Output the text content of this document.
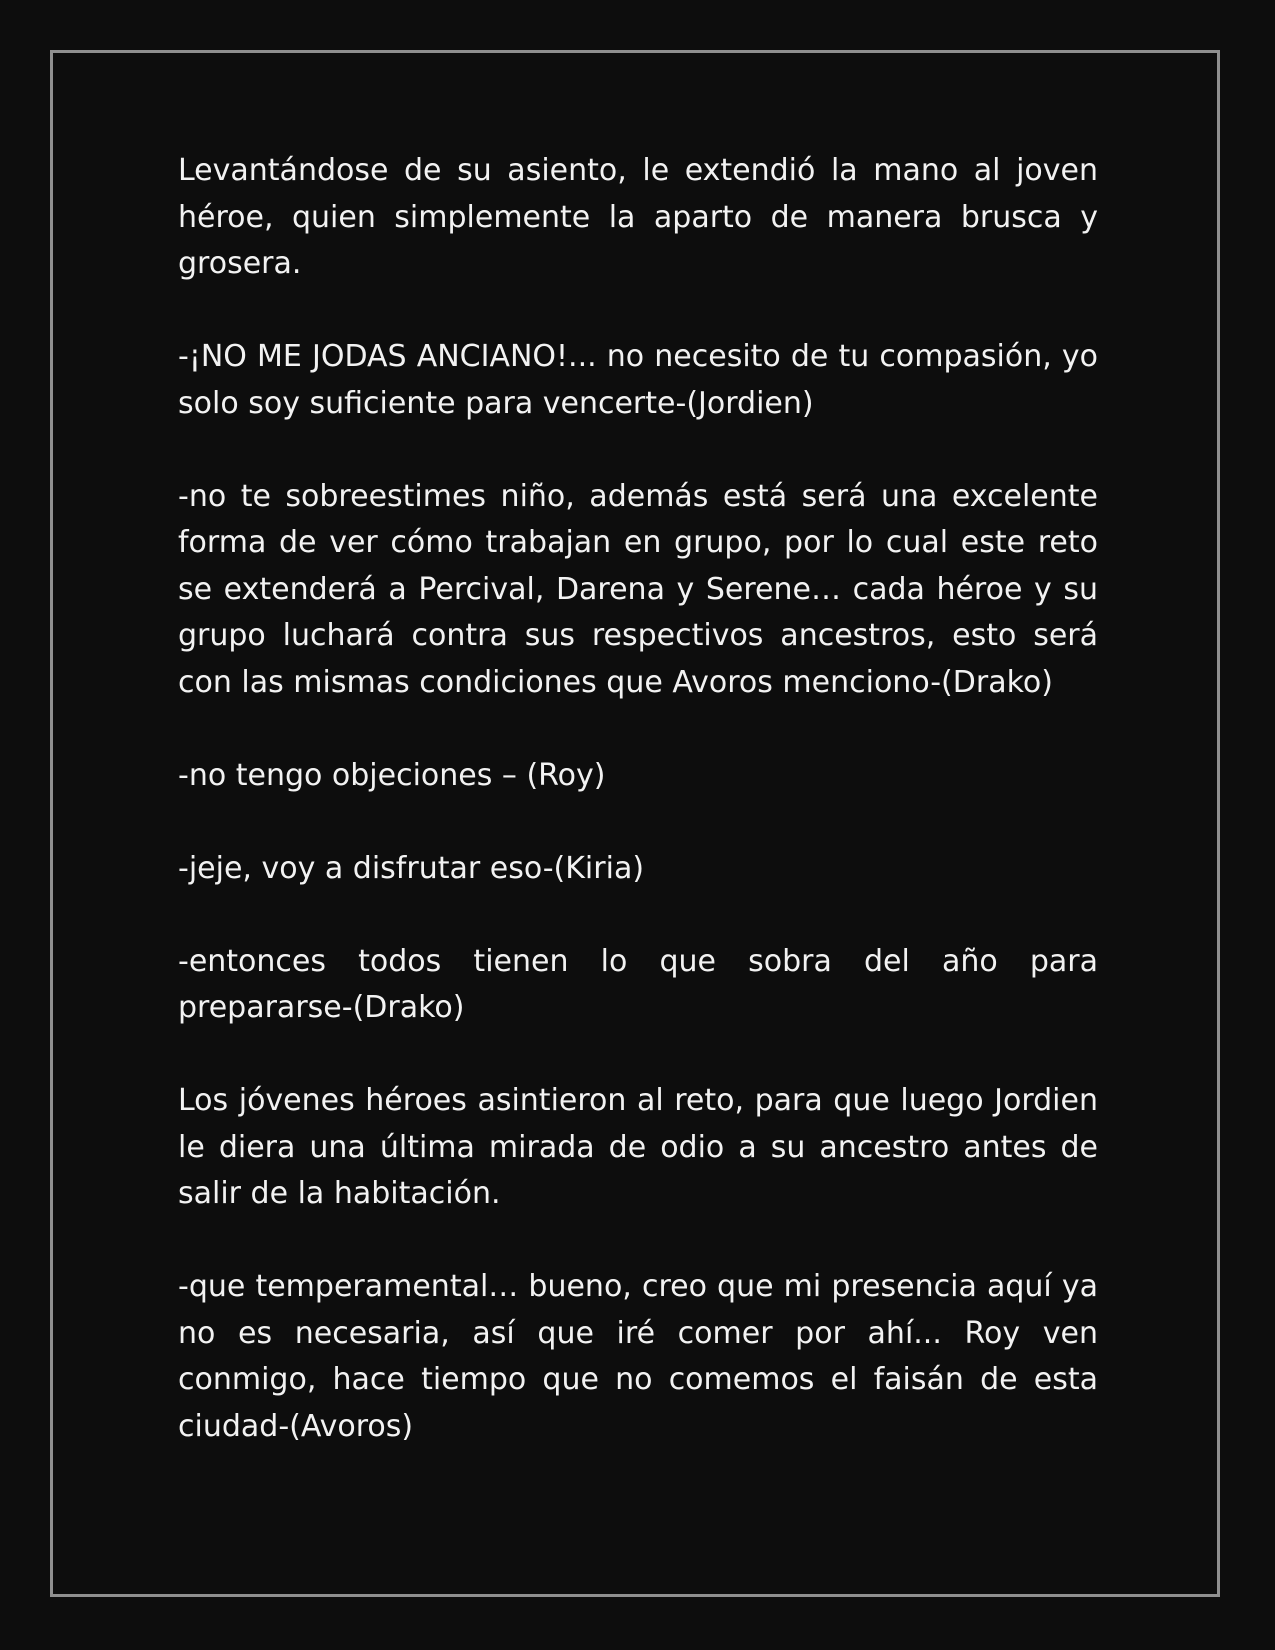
Levantándose de su asiento, le extendió la mano al joven héroe, quien simplemente la aparto de manera brusca y grosera.

-¡NO ME JODAS ANCIANO!... no necesito de tu compasión, yo solo soy suficiente para vencerte-(Jordien)

-no te sobreestimes niño, además está será una excelente forma de ver cómo trabajan en grupo, por lo cual este reto se extenderá a Percival, Darena y Serene… cada héroe y su grupo luchará contra sus respectivos ancestros, esto será con las mismas condiciones que Avoros menciono-(Drako)

-no tengo objeciones – (Roy)

-jeje, voy a disfrutar eso-(Kiria)

-entonces todos tienen lo que sobra del año para prepararse-(Drako)

Los jóvenes héroes asintieron al reto, para que luego Jordien le diera una última mirada de odio a su ancestro antes de salir de la habitación.

-que temperamental… bueno, creo que mi presencia aquí ya no es necesaria, así que iré comer por ahí... Roy ven conmigo, hace tiempo que no comemos el faisán de esta ciudad-(Avoros)
